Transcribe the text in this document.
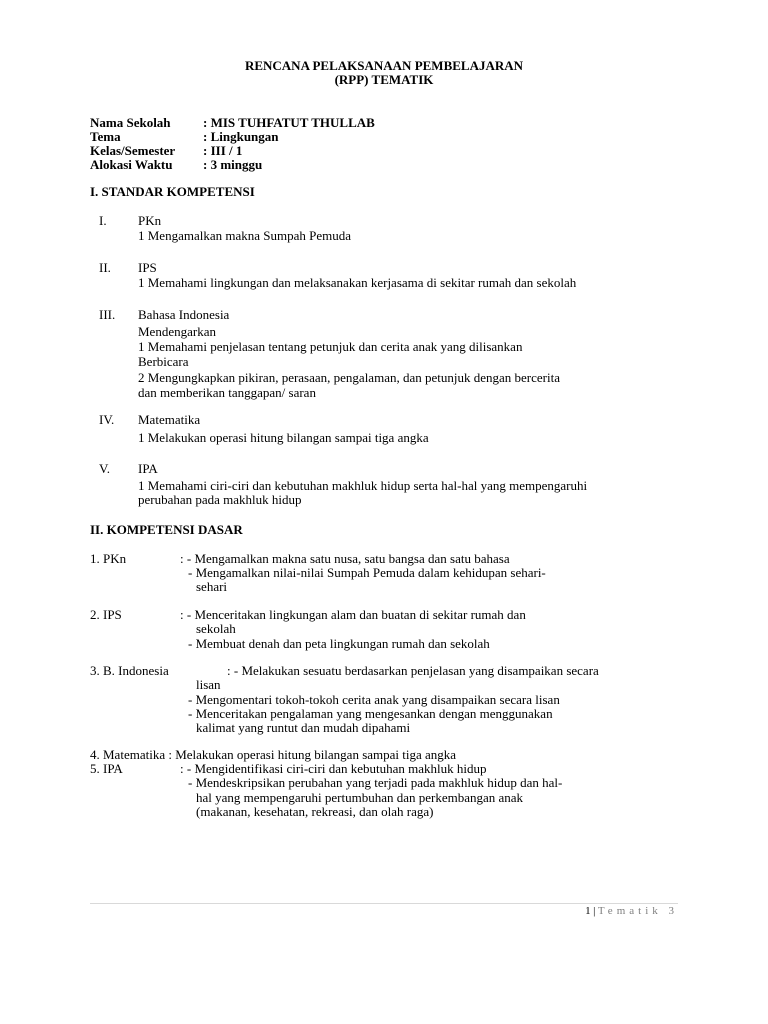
RENCANA PELAKSANAAN PEMBELAJARAN
(RPP) TEMATIK
Nama Sekolah : MIS TUHFATUT THULLAB
Tema	: Lingkungan
Kelas/Semester : III / 1
Alokasi Waktu : 3 minggu
I. STANDAR KOMPETENSI
I. PKn
1 Mengamalkan makna Sumpah Pemuda
II. IPS
1 Memahami lingkungan dan melaksanakan kerjasama di sekitar rumah dan sekolah
III. Bahasa Indonesia
Mendengarkan
1 Memahami penjelasan tentang petunjuk dan cerita anak yang dilisankan
Berbicara
2 Mengungkapkan pikiran, perasaan, pengalaman, dan petunjuk dengan bercerita
dan memberikan tanggapan/ saran
IV. Matematika
1 Melakukan operasi hitung bilangan sampai tiga angka
V. IPA
1 Memahami ciri-ciri dan kebutuhan makhluk hidup serta hal-hal yang mempengaruhi
perubahan pada makhluk hidup
II. KOMPETENSI DASAR
1. PKn	: - Mengamalkan makna satu nusa, satu bangsa dan satu bahasa
- Mengamalkan nilai-nilai Sumpah Pemuda dalam kehidupan sehari-
sehari
2. IPS	: - Menceritakan lingkungan alam dan buatan di sekitar rumah dan
sekolah
- Membuat denah dan peta lingkungan rumah dan sekolah
3. B. Indonesia	: - Melakukan sesuatu berdasarkan penjelasan yang disampaikan secara
lisan
- Mengomentari tokoh-tokoh cerita anak yang disampaikan secara lisan
- Menceritakan pengalaman yang mengesankan dengan menggunakan
kalimat yang runtut dan mudah dipahami
4. Matematika : Melakukan operasi hitung bilangan sampai tiga angka
5. IPA	: - Mengidentifikasi ciri-ciri dan kebutuhan makhluk hidup
- Mendeskripsikan perubahan yang terjadi pada makhluk hidup dan hal-
hal yang mempengaruhi pertumbuhan dan perkembangan anak
(makanan, kesehatan, rekreasi, dan olah raga)
1 | Tematik 3
